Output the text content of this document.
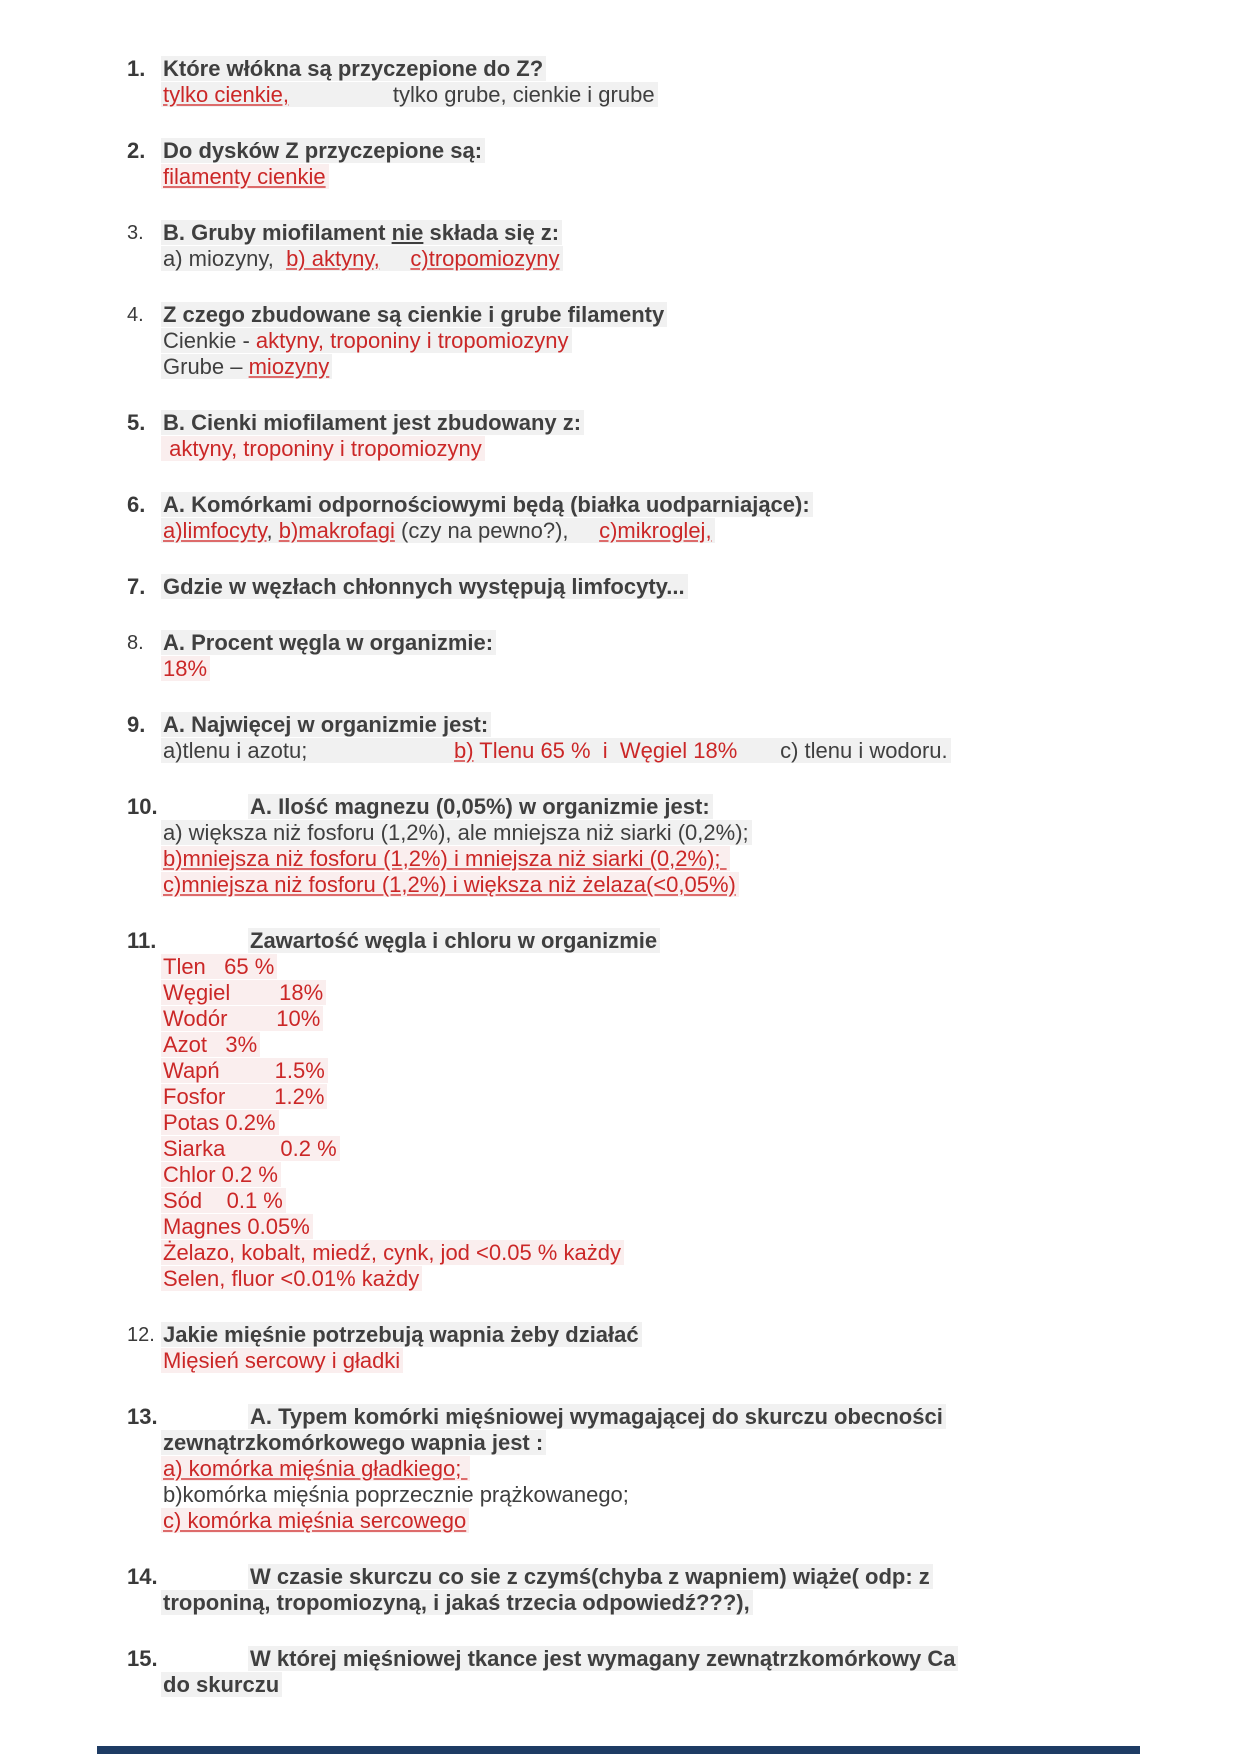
1. Które włókna są przyczepione do Z?
tylko cienkie,	tylko grube, cienkie i grube
2. Do dysków Z przyczepione są:
filamenty cienkie
3. B. Gruby miofilament nie składa się z:
a) miozyny,  b) aktyny, c)tropomiozyny
4. Z czego zbudowane są cienkie i grube filamenty
Cienkie - aktyny, troponiny i tropomiozyny
Grube – miozyny
5. B. Cienki miofilament jest zbudowany z:
aktyny, troponiny i tropomiozyny
6. A. Komórkami odpornościowymi będą (białka uodparniające):
a)limfocyty, b)makrofagi (czy na pewno?),     c)mikroglej,
7. Gdzie w węzłach chłonnych występują limfocyty...
8. A. Procent węgla w organizmie:
18%
9. A. Najwięcej w organizmie jest:
a)tlenu i azotu;	b) Tlenu 65 %  i  Węgiel 18% c) tlenu i wodoru.
10.	A. Ilość magnezu (0,05%) w organizmie jest:
a) większa niż fosforu (1,2%), ale mniejsza niż siarki (0,2%);
b)mniejsza niż fosforu (1,2%) i mniejsza niż siarki (0,2%);
c)mniejsza niż fosforu (1,2%) i większa niż żelaza(<0,05%)
11.	Zawartość węgla i chloru w organizmie
Tlen   65 %
Węgiel        18%
Wodór        10%
Azot   3%
Wapń         1.5%
Fosfor        1.2%
Potas 0.2%
Siarka         0.2 %
Chlor 0.2 %
Sód    0.1 %
Magnes 0.05%
Żelazo, kobalt, miedź, cynk, jod <0.05 % każdy
Selen, fluor <0.01% każdy
12. Jakie mięśnie potrzebują wapnia żeby działać
Mięsień sercowy i gładki
13.	A. Typem komórki mięśniowej wymagającej do skurczu obecności
zewnątrzkomórkowego wapnia jest :
a) komórka mięśnia gładkiego;
b)komórka mięśnia poprzecznie prążkowanego;
c) komórka mięśnia sercowego
14.	W czasie skurczu co sie z czymś(chyba z wapniem) wiąże( odp: z
troponiną, tropomiozyną, i jakaś trzecia odpowiedź???),
15.	W której mięśniowej tkance jest wymagany zewnątrzkomórkowy Ca
do skurczu
